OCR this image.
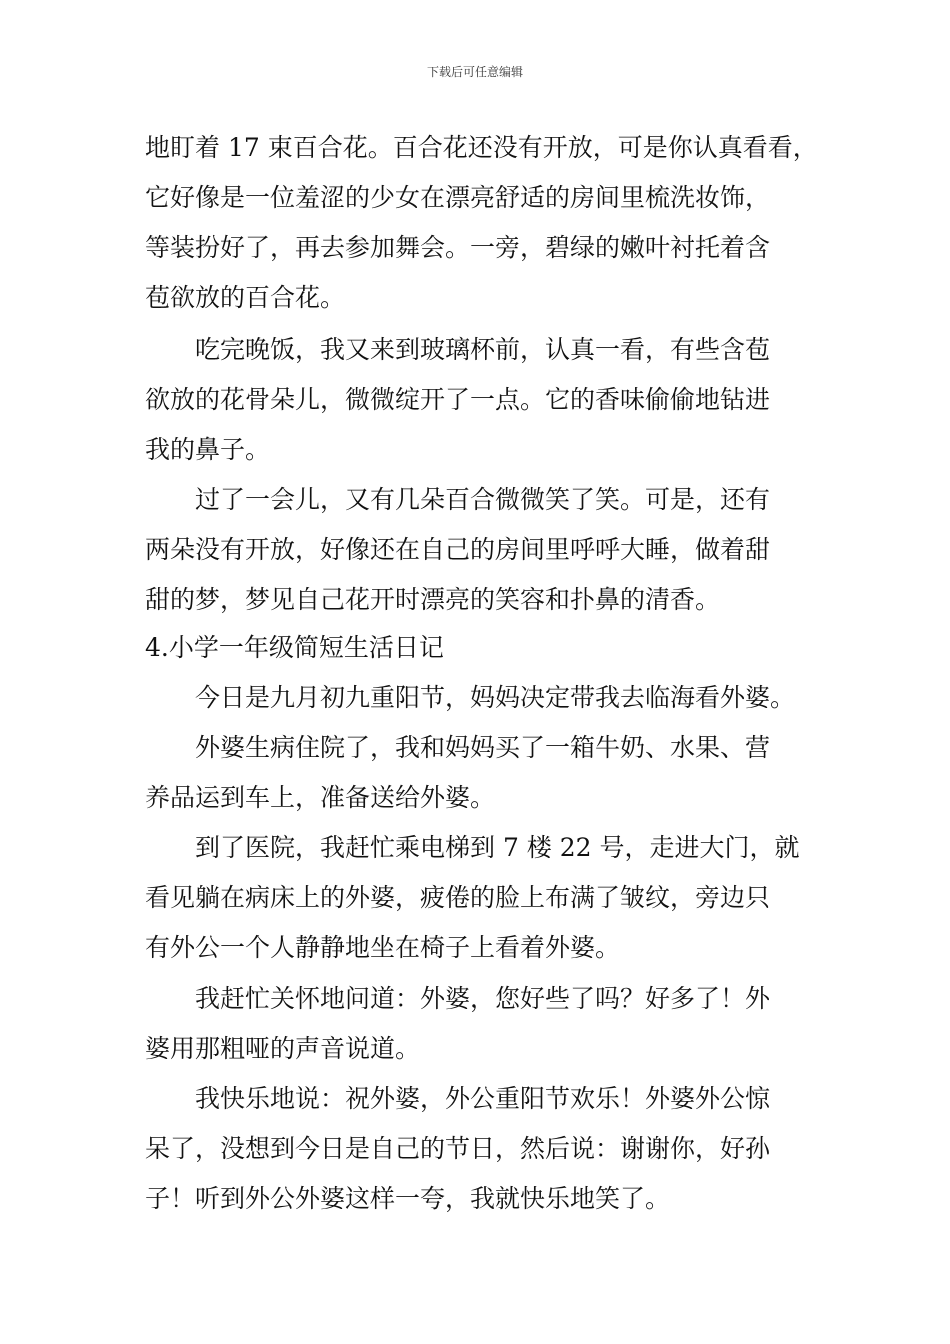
下载后可任意编辑
地盯着 17 束百合花。百合花还没有开放，可是你认真看看，
它好像是一位羞涩的少女在漂亮舒适的房间里梳洗妆饰，
等装扮好了，再去参加舞会。一旁，碧绿的嫩叶衬托着含
苞欲放的百合花。
吃完晚饭，我又来到玻璃杯前，认真一看，有些含苞
欲放的花骨朵儿，微微绽开了一点。它的香味偷偷地钻进
我的鼻子。
过了一会儿，又有几朵百合微微笑了笑。可是，还有
两朵没有开放，好像还在自己的房间里呼呼大睡，做着甜
甜的梦，梦见自己花开时漂亮的笑容和扑鼻的清香。
4.小学一年级简短生活日记
今日是九月初九重阳节，妈妈决定带我去临海看外婆。
外婆生病住院了，我和妈妈买了一箱牛奶、水果、营
养品运到车上，准备送给外婆。
到了医院，我赶忙乘电梯到 7 楼 22 号，走进大门，就
看见躺在病床上的外婆，疲倦的脸上布满了皱纹，旁边只
有外公一个人静静地坐在椅子上看着外婆。
我赶忙关怀地问道：外婆，您好些了吗？好多了！外
婆用那粗哑的声音说道。
我快乐地说：祝外婆，外公重阳节欢乐！外婆外公惊
呆了，没想到今日是自己的节日，然后说：谢谢你，好孙
子！听到外公外婆这样一夸，我就快乐地笑了。
